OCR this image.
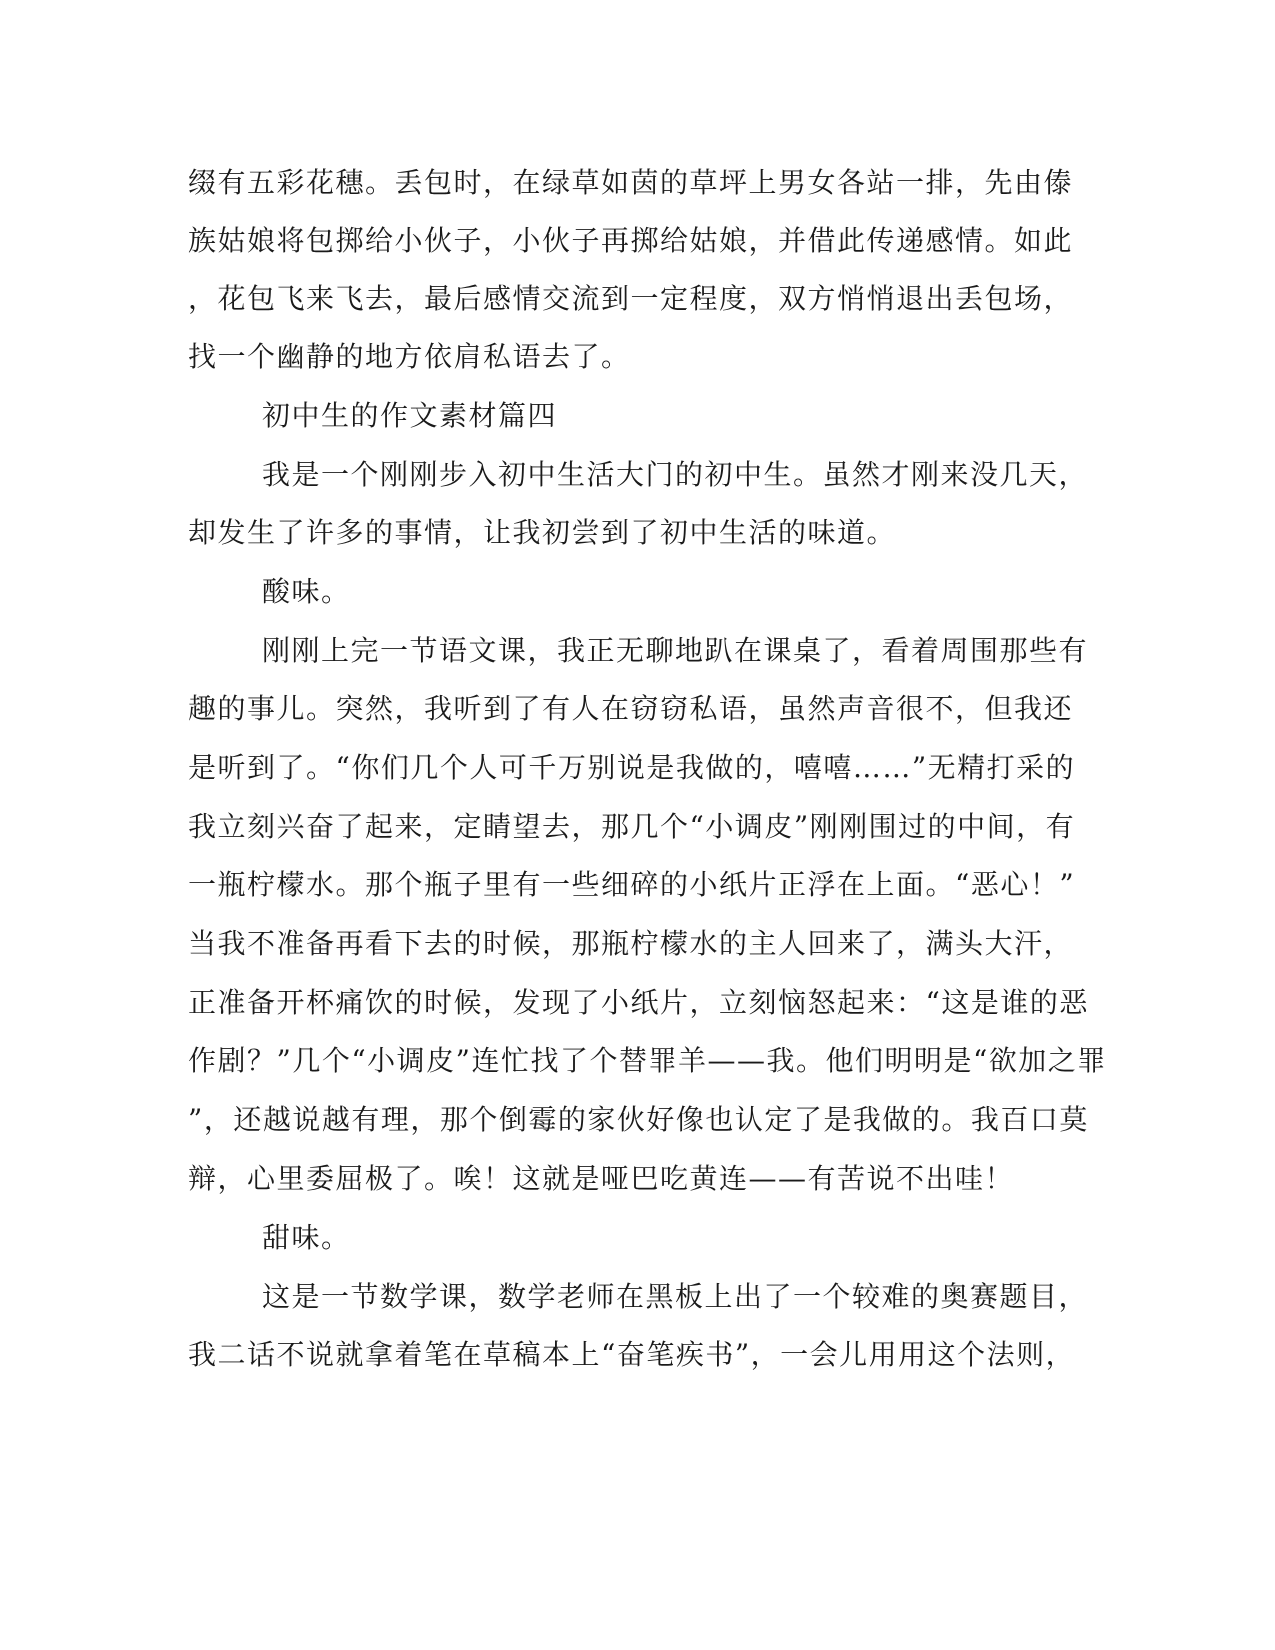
缀有五彩花穗。丢包时，在绿草如茵的草坪上男女各站一排，先由傣

族姑娘将包掷给小伙子，小伙子再掷给姑娘，并借此传递感情。如此

，花包飞来飞去，最后感情交流到一定程度，双方悄悄退出丢包场，

找一个幽静的地方依肩私语去了。

初中生的作文素材篇四

我是一个刚刚步入初中生活大门的初中生。虽然才刚来没几天，

却发生了许多的事情，让我初尝到了初中生活的味道。

酸味。

刚刚上完一节语文课，我正无聊地趴在课桌了，看着周围那些有

趣的事儿。突然，我听到了有人在窃窃私语，虽然声音很不，但我还

是听到了。“你们几个人可千万别说是我做的，嘻嘻……”无精打采的

我立刻兴奋了起来，定睛望去，那几个“小调皮”刚刚围过的中间，有

一瓶柠檬水。那个瓶子里有一些细碎的小纸片正浮在上面。“恶心！”

当我不准备再看下去的时候，那瓶柠檬水的主人回来了，满头大汗，

正准备开杯痛饮的时候，发现了小纸片，立刻恼怒起来：“这是谁的恶

作剧？”几个“小调皮”连忙找了个替罪羊——我。他们明明是“欲加之罪

”，还越说越有理，那个倒霉的家伙好像也认定了是我做的。我百口莫

辩，心里委屈极了。唉！这就是哑巴吃黄连——有苦说不出哇！

甜味。

这是一节数学课，数学老师在黑板上出了一个较难的奥赛题目，

我二话不说就拿着笔在草稿本上“奋笔疾书”，一会儿用用这个法则，
